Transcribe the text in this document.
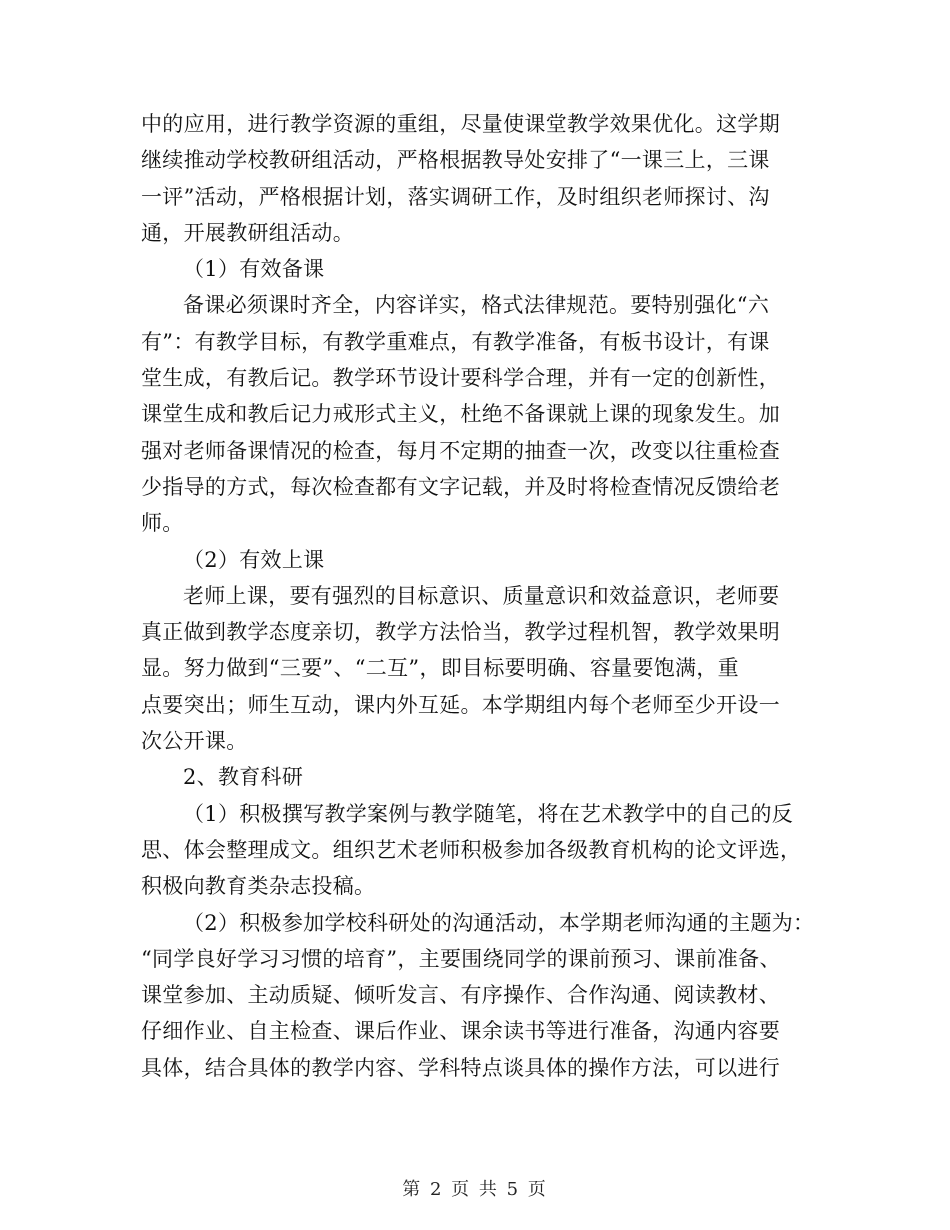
中的应用，进行教学资源的重组，尽量使课堂教学效果优化。这学期
继续推动学校教研组活动，严格根据教导处安排了“一课三上，三课
一评”活动，严格根据计划，落实调研工作，及时组织老师探讨、沟
通，开展教研组活动。
（1）有效备课
备课必须课时齐全，内容详实，格式法律规范。要特别强化“六
有”：有教学目标，有教学重难点，有教学准备，有板书设计，有课
堂生成，有教后记。教学环节设计要科学合理，并有一定的创新性，
课堂生成和教后记力戒形式主义，杜绝不备课就上课的现象发生。加
强对老师备课情况的检查，每月不定期的抽查一次，改变以往重检查
少指导的方式，每次检查都有文字记载，并及时将检查情况反馈给老
师。
（2）有效上课
老师上课，要有强烈的目标意识、质量意识和效益意识，老师要
真正做到教学态度亲切，教学方法恰当，教学过程机智，教学效果明
显。努力做到“三要”、“二互”，即目标要明确、容量要饱满，重
点要突出；师生互动，课内外互延。本学期组内每个老师至少开设一
次公开课。
2、教育科研
（1）积极撰写教学案例与教学随笔，将在艺术教学中的自己的反
思、体会整理成文。组织艺术老师积极参加各级教育机构的论文评选，
积极向教育类杂志投稿。
（2）积极参加学校科研处的沟通活动，本学期老师沟通的主题为：
“同学良好学习习惯的培育”，主要围绕同学的课前预习、课前准备、
课堂参加、主动质疑、倾听发言、有序操作、合作沟通、阅读教材、
仔细作业、自主检查、课后作业、课余读书等进行准备，沟通内容要
具体，结合具体的教学内容、学科特点谈具体的操作方法，可以进行
第 2 页 共 5 页
